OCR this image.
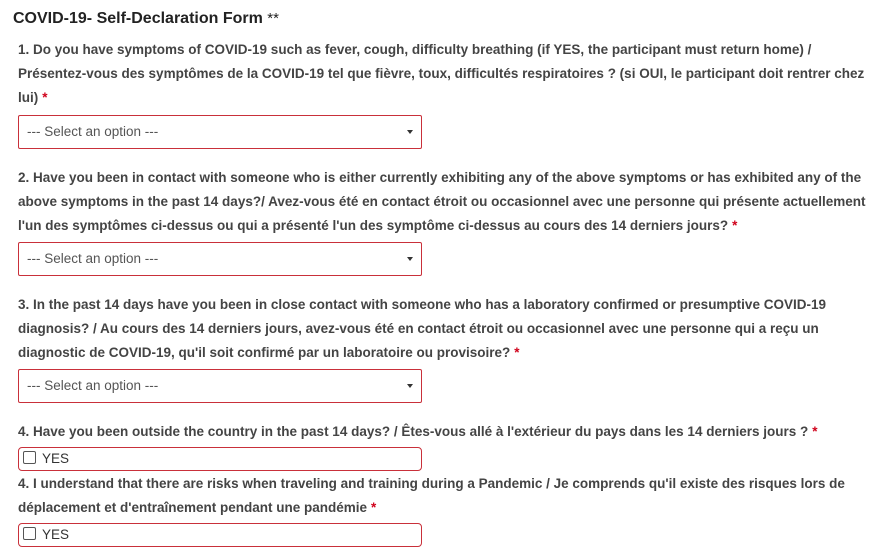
COVID-19- Self-Declaration Form **
1. Do you have symptoms of COVID-19 such as fever, cough, difficulty breathing (if YES, the participant must return home) / Présentez-vous des symptômes de la COVID-19 tel que fièvre, toux, difficultés respiratoires ? (si OUI, le participant doit rentrer chez lui) *
--- Select an option ---
2. Have you been in contact with someone who is either currently exhibiting any of the above symptoms or has exhibited any of the above symptoms in the past 14 days?/ Avez-vous été en contact étroit ou occasionnel avec une personne qui présente actuellement l'un des symptômes ci-dessus ou qui a présenté l'un des symptôme ci-dessus au cours des 14 derniers jours? *
--- Select an option ---
3. In the past 14 days have you been in close contact with someone who has a laboratory confirmed or presumptive COVID-19 diagnosis? / Au cours des 14 derniers jours, avez-vous été en contact étroit ou occasionnel avec une personne qui a reçu un diagnostic de COVID-19, qu'il soit confirmé par un laboratoire ou provisoire? *
--- Select an option ---
4. Have you been outside the country in the past 14 days? / Êtes-vous allé à l'extérieur du pays dans les 14 derniers jours ? *
YES
4. I understand that there are risks when traveling and training during a Pandemic / Je comprends qu'il existe des risques lors de déplacement et d'entraînement pendant une pandémie *
YES
